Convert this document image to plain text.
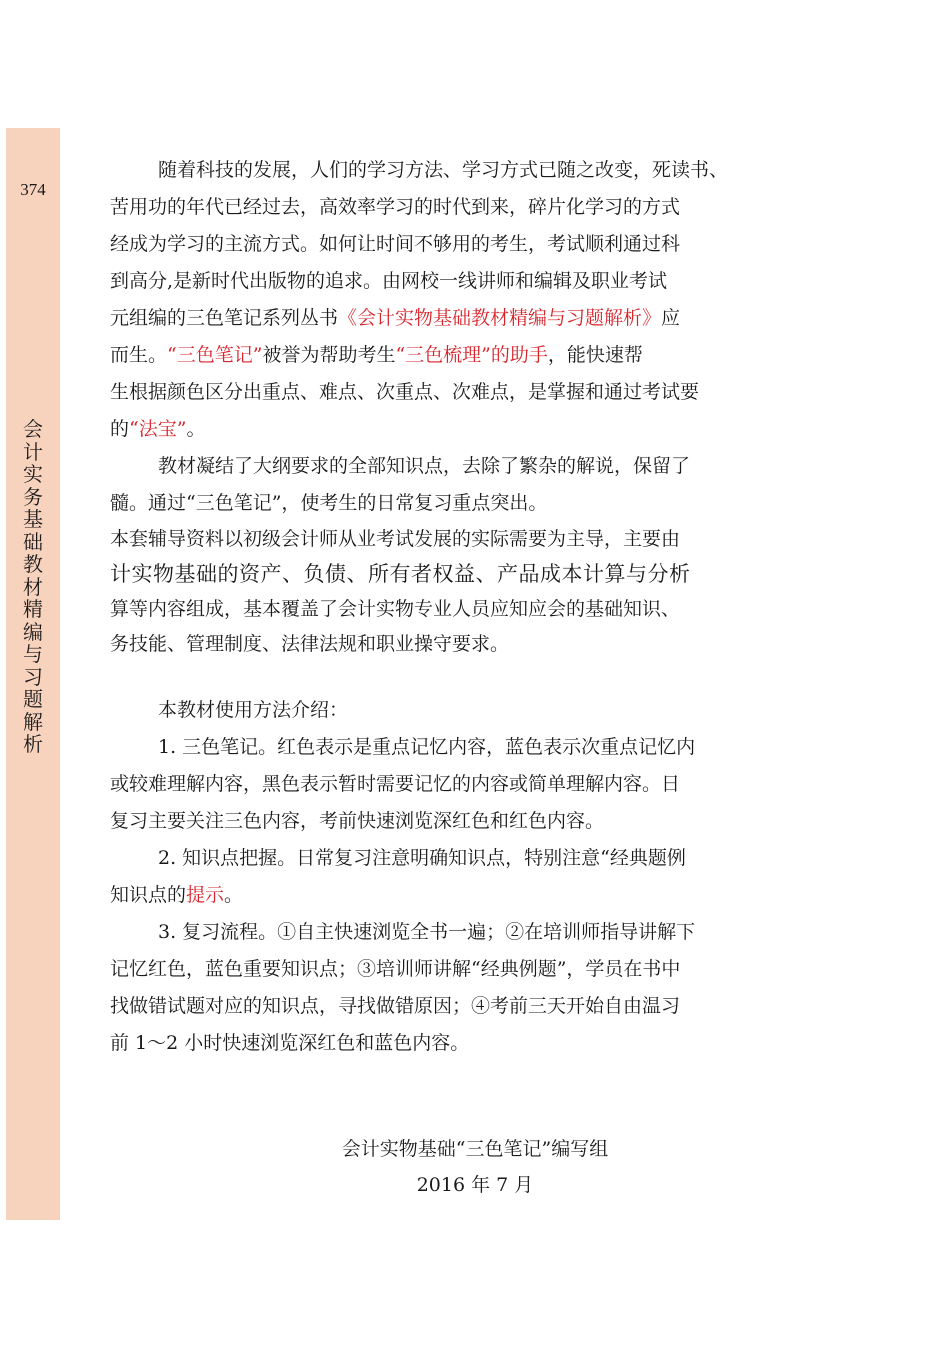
374
会
计
实
务
基
础
教
材
精
编
与
习
题
解
析
随着科技的发展，人们的学习方法、学习方式已随之改变，死读书、
苦用功的年代已经过去，高效率学习的时代到来，碎片化学习的方式
经成为学习的主流方式。如何让时间不够用的考生，考试顺利通过科
到高分,是新时代出版物的追求。由网校一线讲师和编辑及职业考试
元组编的三色笔记系列丛书《会计实物基础教材精编与习题解析》应
而生。“三色笔记”被誉为帮助考生“三色梳理”的助手，能快速帮
生根据颜色区分出重点、难点、次重点、次难点，是掌握和通过考试要
的“法宝”。
教材凝结了大纲要求的全部知识点，去除了繁杂的解说，保留了
髓。通过“三色笔记”，使考生的日常复习重点突出。
本套辅导资料以初级会计师从业考试发展的实际需要为主导，主要由
计实物基础的资产、负债、所有者权益、产品成本计算与分析
算等内容组成，基本覆盖了会计实物专业人员应知应会的基础知识、
务技能、管理制度、法律法规和职业操守要求。
本教材使用方法介绍：
1. 三色笔记。红色表示是重点记忆内容，蓝色表示次重点记忆内
或较难理解内容，黑色表示暂时需要记忆的内容或简单理解内容。日
复习主要关注三色内容，考前快速浏览深红色和红色内容。
2. 知识点把握。日常复习注意明确知识点，特别注意“经典题例
知识点的提示。
3. 复习流程。①自主快速浏览全书一遍；②在培训师指导讲解下
记忆红色，蓝色重要知识点；③培训师讲解“经典例题”，学员在书中
找做错试题对应的知识点，寻找做错原因；④考前三天开始自由温习
前 1～2 小时快速浏览深红色和蓝色内容。
会计实物基础“三色笔记”编写组
2016 年 7 月
